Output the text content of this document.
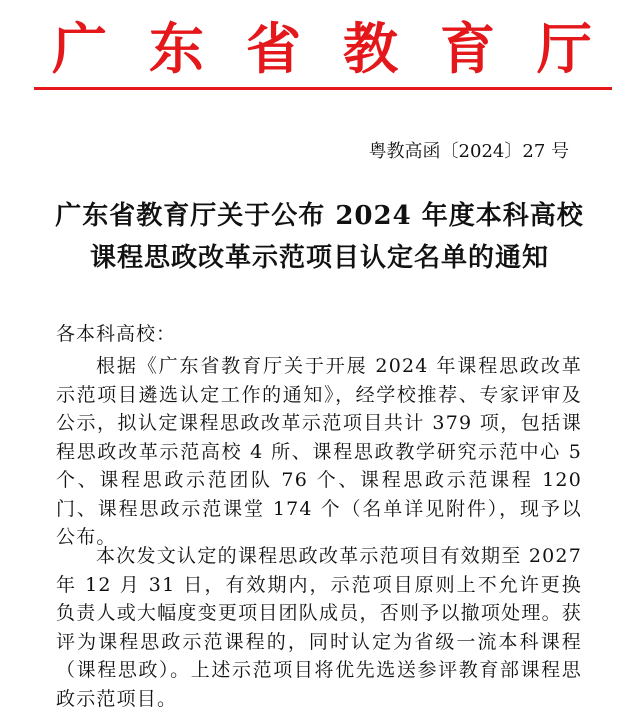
广 东 省 教 育 厅
粤教高函〔2024〕27 号
广东省教育厅关于公布 2024 年度本科高校
课程思政改革示范项目认定名单的通知
各本科高校：

根据《广东省教育厅关于开展 2024 年课程思政改革示范项目遴选认定工作的通知》，经学校推荐、专家评审及公示，拟认定课程思政改革示范项目共计 379 项，包括课程思政改革示范高校 4 所、课程思政教学研究示范中心 5 个、课程思政示范团队 76 个、课程思政示范课程 120 门、课程思政示范课堂 174 个（名单详见附件），现予以公布。

本次发文认定的课程思政改革示范项目有效期至 2027 年 12 月 31 日，有效期内，示范项目原则上不允许更换负责人或大幅度变更项目团队成员，否则予以撤项处理。获评为课程思政示范课程的，同时认定为省级一流本科课程（课程思政）。上述示范项目将优先选送参评教育部课程思政示范项目。
